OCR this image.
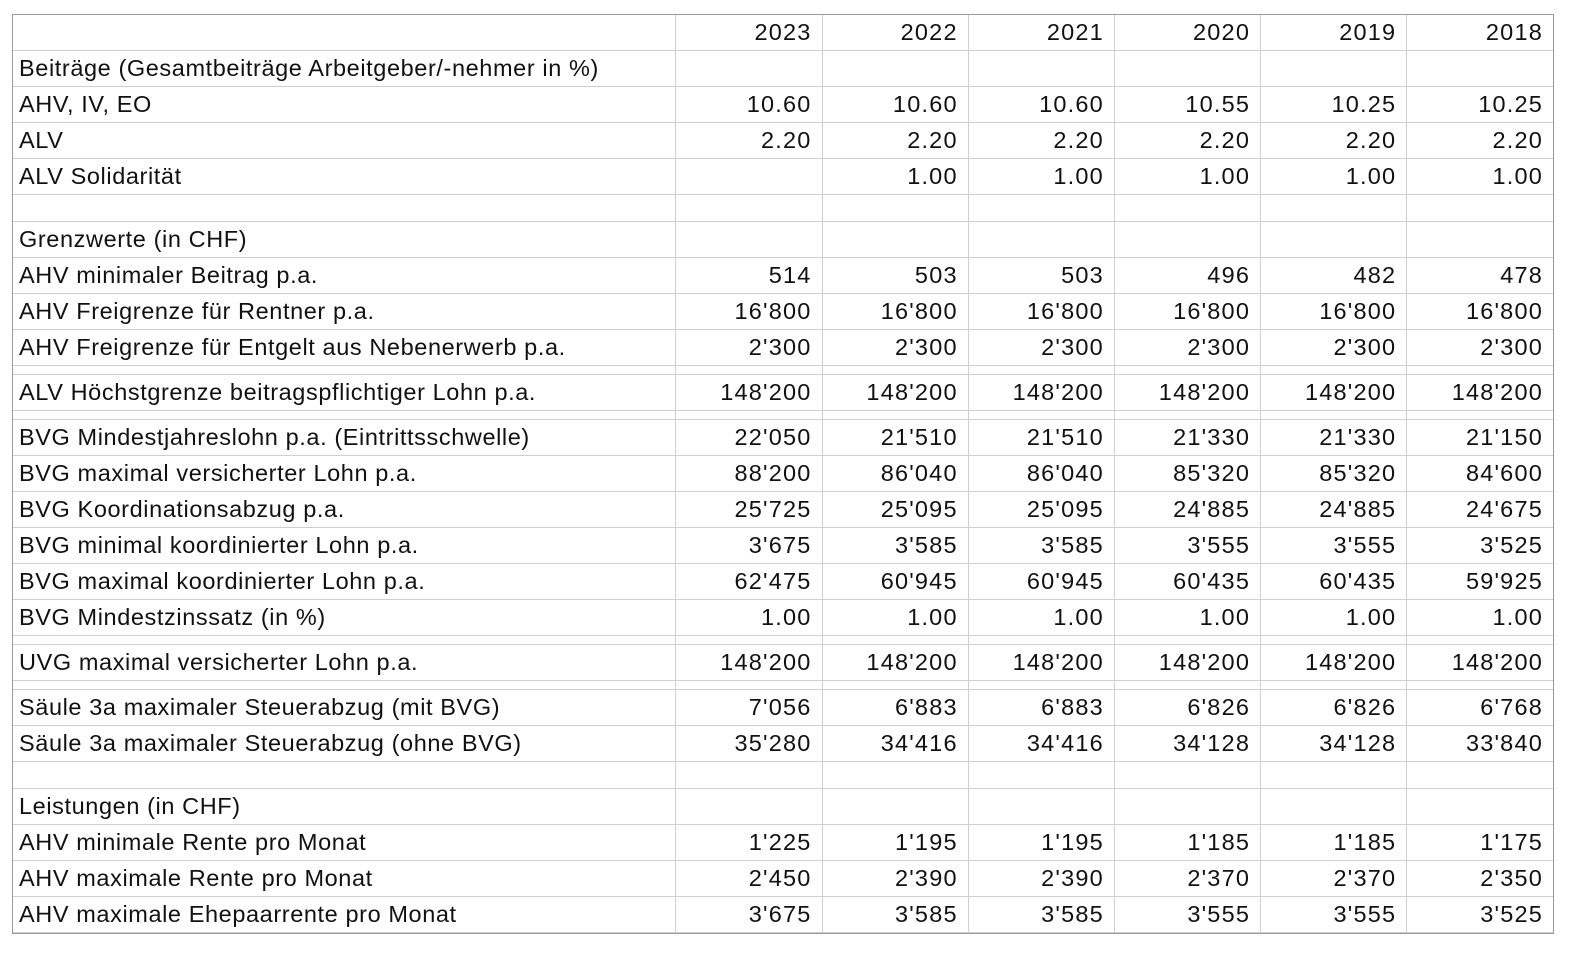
	2023	2022	2021	2020	2019	2018
Beiträge (Gesamtbeiträge Arbeitgeber/-nehmer in %)						
AHV, IV, EO	10.60	10.60	10.60	10.55	10.25	10.25
ALV	2.20	2.20	2.20	2.20	2.20	2.20
ALV Solidarität		1.00	1.00	1.00	1.00	1.00

Grenzwerte (in CHF)						
AHV minimaler Beitrag p.a.	514	503	503	496	482	478
AHV Freigrenze für Rentner p.a.	16'800	16'800	16'800	16'800	16'800	16'800
AHV Freigrenze für Entgelt aus Nebenerwerb p.a.	2'300	2'300	2'300	2'300	2'300	2'300

ALV Höchstgrenze beitragspflichtiger Lohn p.a.	148'200	148'200	148'200	148'200	148'200	148'200

BVG Mindestjahreslohn p.a. (Eintrittsschwelle)	22'050	21'510	21'510	21'330	21'330	21'150
BVG maximal versicherter Lohn p.a.	88'200	86'040	86'040	85'320	85'320	84'600
BVG Koordinationsabzug p.a.	25'725	25'095	25'095	24'885	24'885	24'675
BVG minimal koordinierter Lohn p.a.	3'675	3'585	3'585	3'555	3'555	3'525
BVG maximal koordinierter Lohn p.a.	62'475	60'945	60'945	60'435	60'435	59'925
BVG Mindestzinssatz (in %)	1.00	1.00	1.00	1.00	1.00	1.00

UVG maximal versicherter Lohn p.a.	148'200	148'200	148'200	148'200	148'200	148'200

Säule 3a maximaler Steuerabzug (mit BVG)	7'056	6'883	6'883	6'826	6'826	6'768
Säule 3a maximaler Steuerabzug (ohne BVG)	35'280	34'416	34'416	34'128	34'128	33'840

Leistungen (in CHF)						
AHV minimale Rente pro Monat	1'225	1'195	1'195	1'185	1'185	1'175
AHV maximale Rente pro Monat	2'450	2'390	2'390	2'370	2'370	2'350
AHV maximale Ehepaarrente pro Monat	3'675	3'585	3'585	3'555	3'555	3'525
